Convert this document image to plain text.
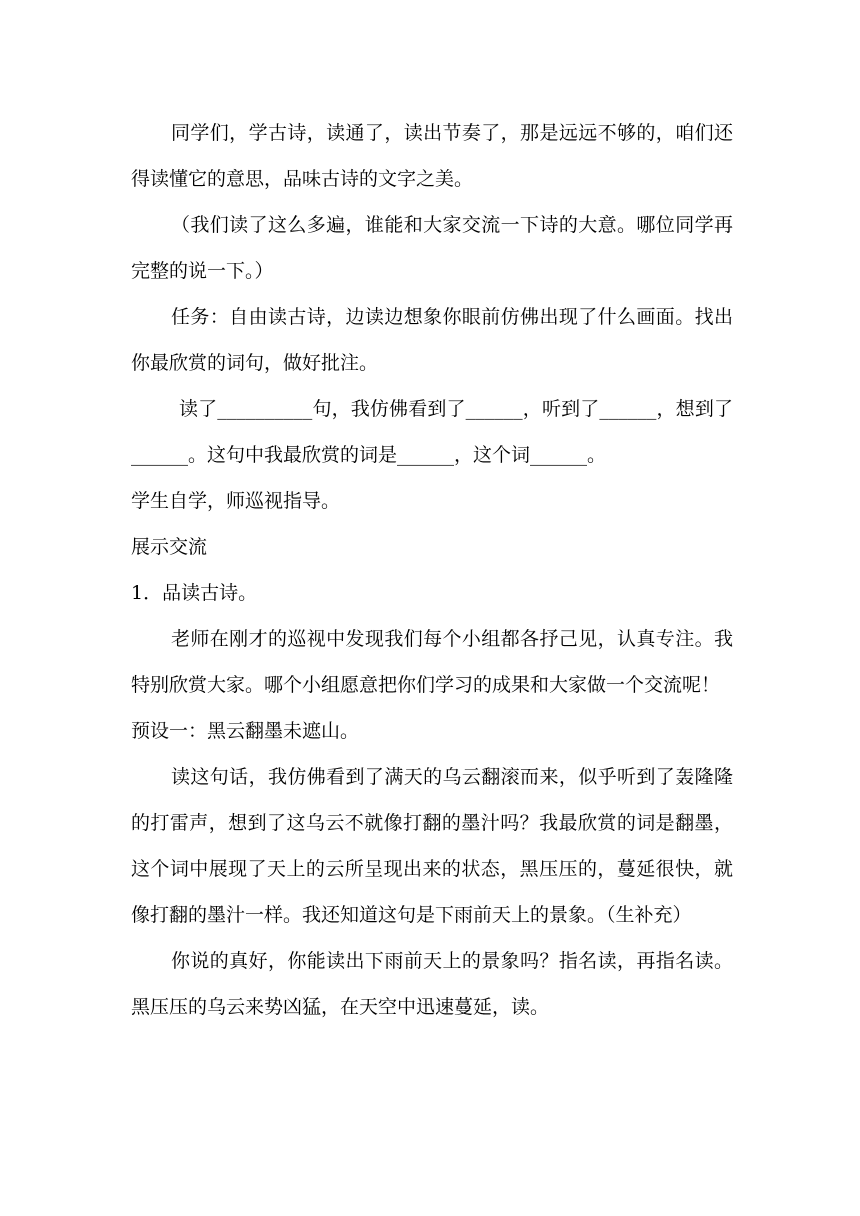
同学们，学古诗，读通了，读出节奏了，那是远远不够的，咱们还得读懂它的意思，品味古诗的文字之美。

（我们读了这么多遍，谁能和大家交流一下诗的大意。哪位同学再完整的说一下。）

任务：自由读古诗，边读边想象你眼前仿佛出现了什么画面。找出你最欣赏的词句，做好批注。

读了__________句，我仿佛看到了______，听到了______，想到了______。这句中我最欣赏的词是______，这个词______。

学生自学，师巡视指导。

展示交流

1．品读古诗。

老师在刚才的巡视中发现我们每个小组都各抒己见，认真专注。我特别欣赏大家。哪个小组愿意把你们学习的成果和大家做一个交流呢！

预设一：黑云翻墨未遮山。

读这句话，我仿佛看到了满天的乌云翻滚而来，似乎听到了轰隆隆的打雷声，想到了这乌云不就像打翻的墨汁吗？我最欣赏的词是翻墨，这个词中展现了天上的云所呈现出来的状态，黑压压的，蔓延很快，就像打翻的墨汁一样。我还知道这句是下雨前天上的景象。（生补充）

你说的真好，你能读出下雨前天上的景象吗？指名读，再指名读。黑压压的乌云来势凶猛，在天空中迅速蔓延，读。
